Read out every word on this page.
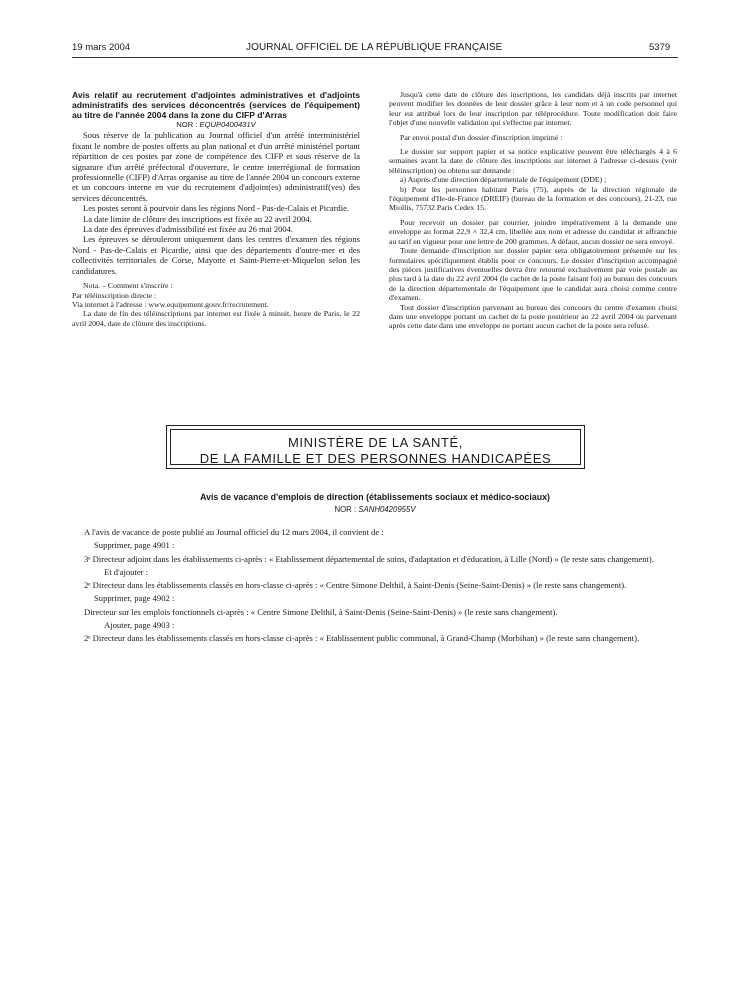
19 mars 2004	JOURNAL OFFICIEL DE LA RÉPUBLIQUE FRANÇAISE	5379

Avis relatif au recrutement d'adjointes administratives et d'adjoints administratifs des services déconcentrés (services de l'équipement) au titre de l'année 2004 dans la zone du CIFP d'Arras

NOR : EQUP0400431V

Sous réserve de la publication au Journal officiel d'un arrêté interministériel fixant le nombre de postes offerts au plan national et d'un arrêté ministériel portant répartition de ces postes par zone de compétence des CIFP et sous réserve de la signature d'un arrêté préfectoral d'ouverture, le centre interrégional de formation professionnelle (CIFP) d'Arras organise au titre de l'année 2004 un concours externe et un concours interne en vue du recrutement d'adjoint(es) administratif(ves) des services déconcentrés.

Les postes seront à pourvoir dans les régions Nord - Pas-de-Calais et Picardie.

La date limite de clôture des inscriptions est fixée au 22 avril 2004.

La date des épreuves d'admissibilité est fixée au 26 mai 2004.

Les épreuves se dérouleront uniquement dans les centres d'examen des régions Nord - Pas-de-Calais et Picardie, ainsi que des départements d'outre-mer et des collectivités territoriales de Corse, Mayotte et Saint-Pierre-et-Miquelon selon les candidatures.

Nota. – Comment s'inscrire :

Par téléinscription directe :

Via internet à l'adresse : www.equipement.gouv.fr/recrutement.

La date de fin des téléinscriptions par internet est fixée à minuit, heure de Paris, le 22 avril 2004, date de clôture des inscriptions.

Jusqu'à cette date de clôture des inscriptions, les candidats déjà inscrits par internet peuvent modifier les données de leur dossier grâce à leur nom et à un code personnel qui leur est attribué lors de leur inscription par téléprocédure. Toute modification doit faire l'objet d'une nouvelle validation qui s'effectue par internet.

Par envoi postal d'un dossier d'inscription imprimé :

Le dossier sur support papier et sa notice explicative peuvent être téléchargés 4 à 6 semaines avant la date de clôture des inscriptions sur internet à l'adresse ci-dessus (voir téléinscription) ou obtenu sur demande :

a) Auprès d'une direction départementale de l'équipement (DDE) ;

b) Pour les personnes habitant Paris (75), auprès de la direction régionale de l'équipement d'Ile-de-France (DREIF) (bureau de la formation et des concours), 21-23, rue Miollis, 75732 Paris Cedex 15.

Pour recevoir un dossier par courrier, joindre impérativement à la demande une enveloppe au format 22,9 × 32,4 cm, libellée aux nom et adresse du candidat et affranchie au tarif en vigueur pour une lettre de 200 grammes. A défaut, aucun dossier ne sera envoyé.

Toute demande d'inscription sur dossier papier sera obligatoirement présentée sur les formulaires spécifiquement établis pour ce concours. Le dossier d'inscription accompagné des pièces justificatives éventuelles devra être retourné exclusivement par voie postale au plus tard à la date du 22 avril 2004 (le cachet de la poste faisant foi) au bureau des concours de la direction départementale de l'équipement que le candidat aura choisi comme centre d'examen.

Tout dossier d'inscription parvenant au bureau des concours du centre d'examen choisi dans une enveloppe portant un cachet de la poste postérieur au 22 avril 2004 ou parvenant après cette date dans une enveloppe ne portant aucun cachet de la poste sera refusé.

MINISTÈRE DE LA SANTÉ,
DE LA FAMILLE ET DES PERSONNES HANDICAPÉES
Avis de vacance d'emplois de direction (établissements sociaux et médico-sociaux)
NOR : SANH0420955V

A l'avis de vacance de poste publié au Journal officiel du 12 mars 2004, il convient de :

Supprimer, page 4901 :

3ᵉ Directeur adjoint dans les établissements ci-après : « Etablissement départemental de soins, d'adaptation et d'éducation, à Lille (Nord) » (le reste sans changement).

Et d'ajouter :

2ᵉ Directeur dans les établissements classés en hors-classe ci-après : « Centre Simone Delthil, à Saint-Denis (Seine-Saint-Denis) » (le reste sans changement).

Supprimer, page 4902 :

Directeur sur les emplois fonctionnels ci-après : « Centre Simone Delthil, à Saint-Denis (Seine-Saint-Denis) » (le reste sans changement).

Ajouter, page 4903 :

2ᵉ Directeur dans les établissements classés en hors-classe ci-après : « Etablissement public communal, à Grand-Champ (Morbihan) » (le reste sans changement).
